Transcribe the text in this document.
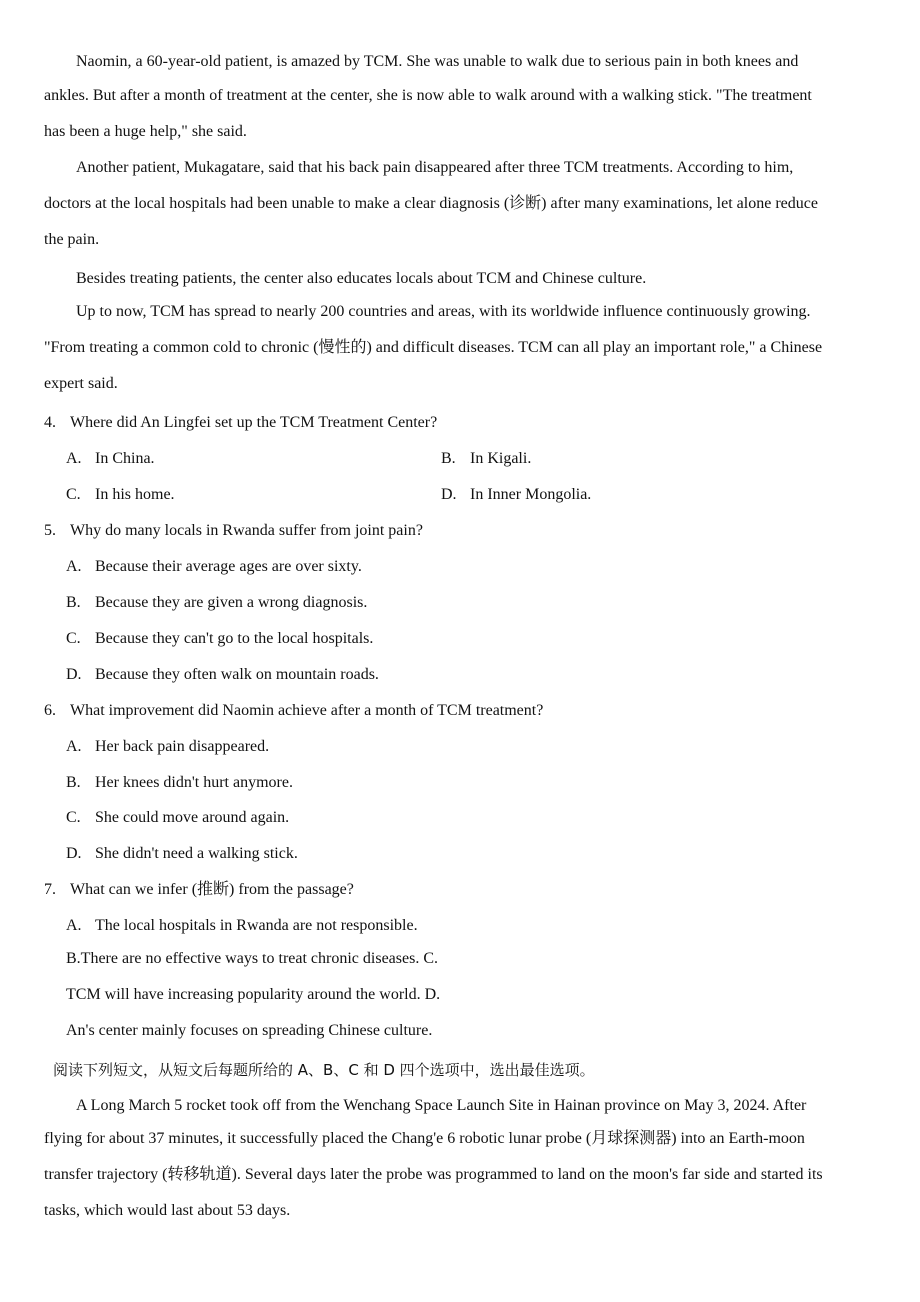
Naomin, a 60-year-old patient, is amazed by TCM. She was unable to walk due to serious pain in both knees and
ankles. But after a month of treatment at the center, she is now able to walk around with a walking stick. "The treatment
has been a huge help," she said.
Another patient, Mukagatare, said that his back pain disappeared after three TCM treatments. According to him,
doctors at the local hospitals had been unable to make a clear diagnosis (诊断) after many examinations, let alone reduce
the pain.
Besides treating patients, the center also educates locals about TCM and Chinese culture.
Up to now, TCM has spread to nearly 200 countries and areas, with its worldwide influence continuously growing.
"From treating a common cold to chronic (慢性的) and difficult diseases. TCM can all play an important role," a Chinese
expert said.
4. Where did An Lingfei set up the TCM Treatment Center?
A. In China.	B. In Kigali.
C. In his home.	D. In Inner Mongolia.
5. Why do many locals in Rwanda suffer from joint pain?
A. Because their average ages are over sixty.
B. Because they are given a wrong diagnosis.
C. Because they can't go to the local hospitals.
D. Because they often walk on mountain roads.
6. What improvement did Naomin achieve after a month of TCM treatment?
A. Her back pain disappeared.
B. Her knees didn't hurt anymore.
C. She could move around again.
D. She didn't need a walking stick.
7. What can we infer (推断) from the passage?
A. The local hospitals in Rwanda are not responsible.
B.There are no effective ways to treat chronic diseases. C.
TCM will have increasing popularity around the world. D.
An's center mainly focuses on spreading Chinese culture.
阅读下列短文，从短文后每题所给的 A、B、C 和 D 四个选项中，选出最佳选项。
A Long March 5 rocket took off from the Wenchang Space Launch Site in Hainan province on May 3, 2024. After
flying for about 37 minutes, it successfully placed the Chang'e 6 robotic lunar probe (月球探测器) into an Earth-moon
transfer trajectory (转移轨道). Several days later the probe was programmed to land on the moon's far side and started its
tasks, which would last about 53 days.
